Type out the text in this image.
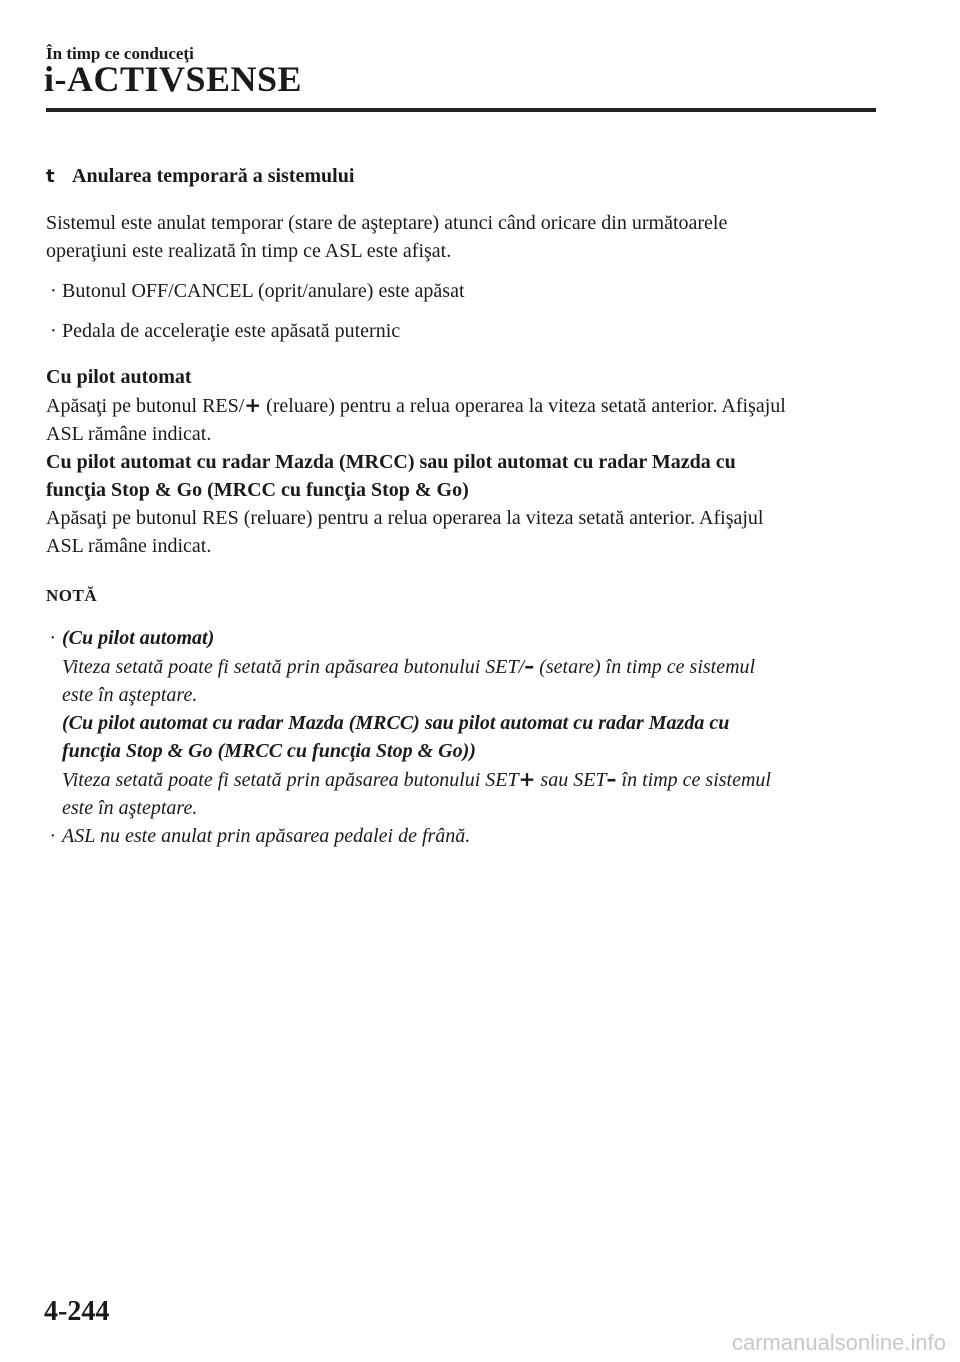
În timp ce conduceţi
i-ACTIVSENSE

t Anularea temporară a sistemului

Sistemul este anulat temporar (stare de aşteptare) atunci când oricare din următoarele
operaţiuni este realizată în timp ce ASL este afişat.

· Butonul OFF/CANCEL (oprit/anulare) este apăsat
· Pedala de acceleraţie este apăsată puternic

Cu pilot automat

Apăsaţi pe butonul RES/+ (reluare) pentru a relua operarea la viteza setată anterior. Afişajul
ASL rămâne indicat.

Cu pilot automat cu radar Mazda (MRCC) sau pilot automat cu radar Mazda cu
funcţia Stop & Go (MRCC cu funcţia Stop & Go)

Apăsaţi pe butonul RES (reluare) pentru a relua operarea la viteza setată anterior. Afişajul
ASL rămâne indicat.

NOTĂ

· (Cu pilot automat)
Viteza setată poate fi setată prin apăsarea butonului SET/– (setare) în timp ce sistemul
este în aşteptare.
(Cu pilot automat cu radar Mazda (MRCC) sau pilot automat cu radar Mazda cu
funcţia Stop & Go (MRCC cu funcţia Stop & Go))
Viteza setată poate fi setată prin apăsarea butonului SET+ sau SET– în timp ce sistemul
este în aşteptare.
· ASL nu este anulat prin apăsarea pedalei de frână.
4-244
carmanualsonline.info
